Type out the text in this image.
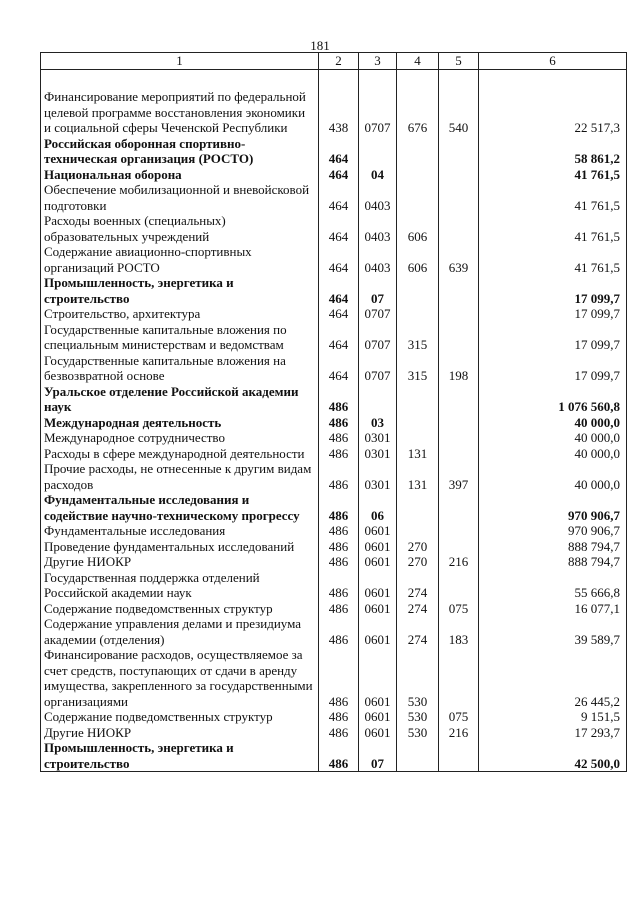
181
1	2	3	4	5	6

Финансирование мероприятий по федеральной целевой программе восстановления экономики и социальной сферы Чеченской Республики	438	0707	676	540	22 517,3
Российская оборонная спортивно-техническая организация (РОСТО)	464				58 861,2
Национальная оборона	464	04			41 761,5
Обеспечение мобилизационной и вневойсковой подготовки	464	0403			41 761,5
Расходы военных (специальных) образовательных учреждений	464	0403	606		41 761,5
Содержание авиационно-спортивных организаций РОСТО	464	0403	606	639	41 761,5
Промышленность, энергетика и строительство	464	07			17 099,7
Строительство, архитектура	464	0707			17 099,7
Государственные капитальные вложения по специальным министерствам и ведомствам	464	0707	315		17 099,7
Государственные капитальные вложения на безвозвратной основе	464	0707	315	198	17 099,7
Уральское отделение Российской академии наук	486				1 076 560,8
Международная деятельность	486	03			40 000,0
Международное сотрудничество	486	0301			40 000,0
Расходы в сфере международной деятельности	486	0301	131		40 000,0
Прочие расходы, не отнесенные к другим видам расходов	486	0301	131	397	40 000,0
Фундаментальные исследования и содействие научно-техническому прогрессу	486	06			970 906,7
Фундаментальные исследования	486	0601			970 906,7
Проведение фундаментальных исследований	486	0601	270		888 794,7
Другие НИОКР	486	0601	270	216	888 794,7
Государственная поддержка отделений Российской академии наук	486	0601	274		55 666,8
Содержание подведомственных структур	486	0601	274	075	16 077,1
Содержание управления делами и президиума академии (отделения)	486	0601	274	183	39 589,7
Финансирование расходов, осуществляемое за счет средств, поступающих от сдачи в аренду имущества, закрепленного за государственными организациями	486	0601	530		26 445,2
Содержание подведомственных структур	486	0601	530	075	9 151,5
Другие НИОКР	486	0601	530	216	17 293,7
Промышленность, энергетика и строительство	486	07			42 500,0
